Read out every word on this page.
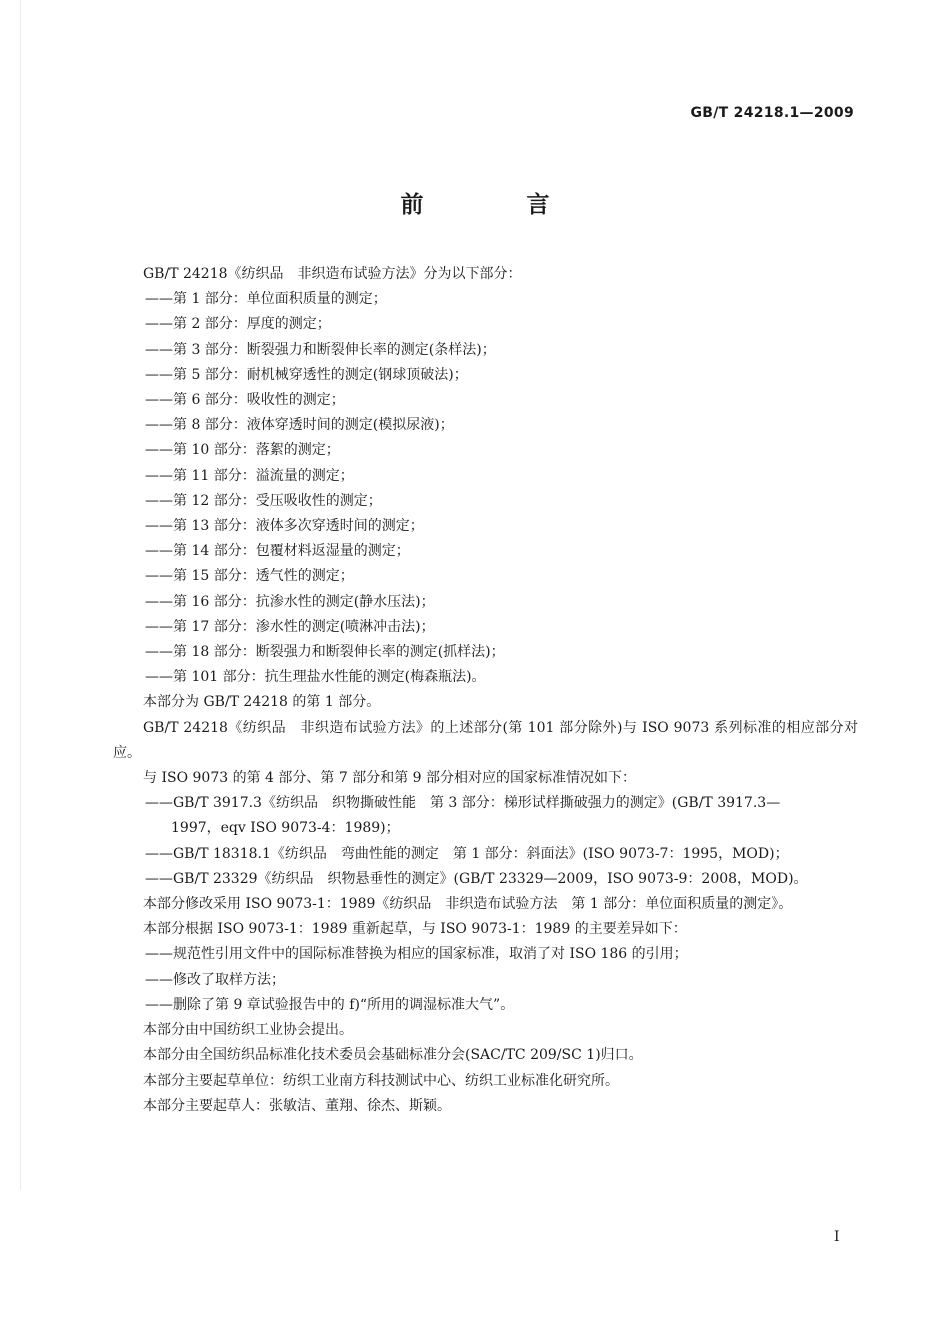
GB/T 24218.1—2009
前　言

GB/T 24218《纺织品　非织造布试验方法》分为以下部分：

——第 1 部分：单位面积质量的测定；

——第 2 部分：厚度的测定；

——第 3 部分：断裂强力和断裂伸长率的测定(条样法)；

——第 5 部分：耐机械穿透性的测定(钢球顶破法)；

——第 6 部分：吸收性的测定；

——第 8 部分：液体穿透时间的测定(模拟尿液)；

——第 10 部分：落絮的测定；

——第 11 部分：溢流量的测定；

——第 12 部分：受压吸收性的测定；

——第 13 部分：液体多次穿透时间的测定；

——第 14 部分：包覆材料返湿量的测定；

——第 15 部分：透气性的测定；

——第 16 部分：抗渗水性的测定(静水压法)；

——第 17 部分：渗水性的测定(喷淋冲击法)；

——第 18 部分：断裂强力和断裂伸长率的测定(抓样法)；

——第 101 部分：抗生理盐水性能的测定(梅森瓶法)。

本部分为 GB/T 24218 的第 1 部分。

GB/T 24218《纺织品　非织造布试验方法》的上述部分(第 101 部分除外)与 ISO 9073 系列标准的相应部分对应。

与 ISO 9073 的第 4 部分、第 7 部分和第 9 部分相对应的国家标准情况如下：

——GB/T 3917.3《纺织品　织物撕破性能　第 3 部分：梯形试样撕破强力的测定》(GB/T 3917.3—
1997，eqv ISO 9073-4：1989)；

——GB/T 18318.1《纺织品　弯曲性能的测定　第 1 部分：斜面法》(ISO 9073-7：1995，MOD)；

——GB/T 23329《纺织品　织物悬垂性的测定》(GB/T 23329—2009，ISO 9073-9：2008，MOD)。

本部分修改采用 ISO 9073-1：1989《纺织品　非织造布试验方法　第 1 部分：单位面积质量的测定》。

本部分根据 ISO 9073-1：1989 重新起草，与 ISO 9073-1：1989 的主要差异如下：

——规范性引用文件中的国际标准替换为相应的国家标准，取消了对 ISO 186 的引用；

——修改了取样方法；

——删除了第 9 章试验报告中的 f)“所用的调湿标准大气”。

本部分由中国纺织工业协会提出。

本部分由全国纺织品标准化技术委员会基础标准分会(SAC/TC 209/SC 1)归口。

本部分主要起草单位：纺织工业南方科技测试中心、纺织工业标准化研究所。

本部分主要起草人：张敏洁、董翔、徐杰、斯颖。

I
